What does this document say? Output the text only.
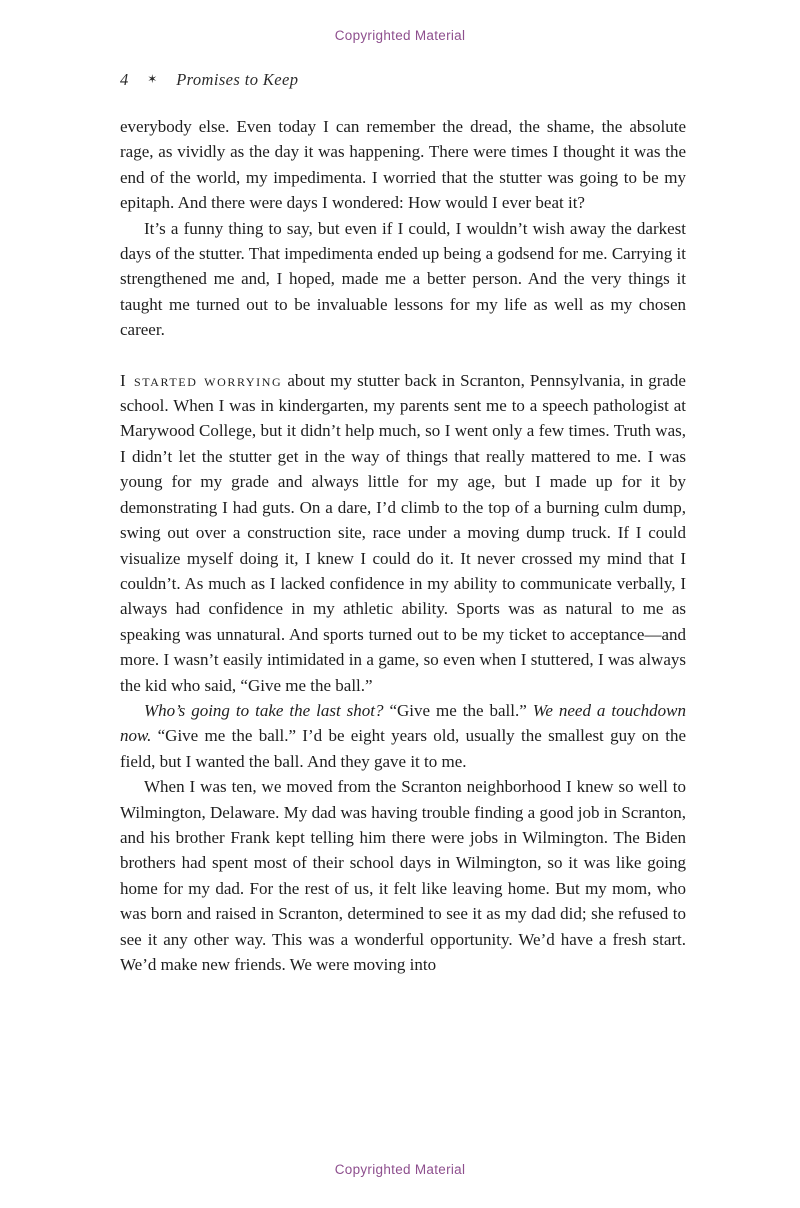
Copyrighted Material
4 ✶ Promises to Keep

everybody else. Even today I can remember the dread, the shame, the absolute rage, as vividly as the day it was happening. There were times I thought it was the end of the world, my impedimenta. I worried that the stutter was going to be my epitaph. And there were days I wondered: How would I ever beat it?

It’s a funny thing to say, but even if I could, I wouldn’t wish away the darkest days of the stutter. That impedimenta ended up being a godsend for me. Carrying it strengthened me and, I hoped, made me a better person. And the very things it taught me turned out to be invaluable lessons for my life as well as my chosen career.

I started worrying about my stutter back in Scranton, Pennsylvania, in grade school. When I was in kindergarten, my parents sent me to a speech pathologist at Marywood College, but it didn’t help much, so I went only a few times. Truth was, I didn’t let the stutter get in the way of things that really mattered to me. I was young for my grade and always little for my age, but I made up for it by demonstrating I had guts. On a dare, I’d climb to the top of a burning culm dump, swing out over a construction site, race under a moving dump truck. If I could visualize myself doing it, I knew I could do it. It never crossed my mind that I couldn’t. As much as I lacked confidence in my ability to communicate verbally, I always had confidence in my athletic ability. Sports was as natural to me as speaking was unnatural. And sports turned out to be my ticket to acceptance—and more. I wasn’t easily intimidated in a game, so even when I stuttered, I was always the kid who said, “Give me the ball.”

Who’s going to take the last shot? “Give me the ball.” We need a touchdown now. “Give me the ball.” I’d be eight years old, usually the smallest guy on the field, but I wanted the ball. And they gave it to me.

When I was ten, we moved from the Scranton neighborhood I knew so well to Wilmington, Delaware. My dad was having trouble finding a good job in Scranton, and his brother Frank kept telling him there were jobs in Wilmington. The Biden brothers had spent most of their school days in Wilmington, so it was like going home for my dad. For the rest of us, it felt like leaving home. But my mom, who was born and raised in Scranton, determined to see it as my dad did; she refused to see it any other way. This was a wonderful opportunity. We’d have a fresh start. We’d make new friends. We were moving into

Copyrighted Material
